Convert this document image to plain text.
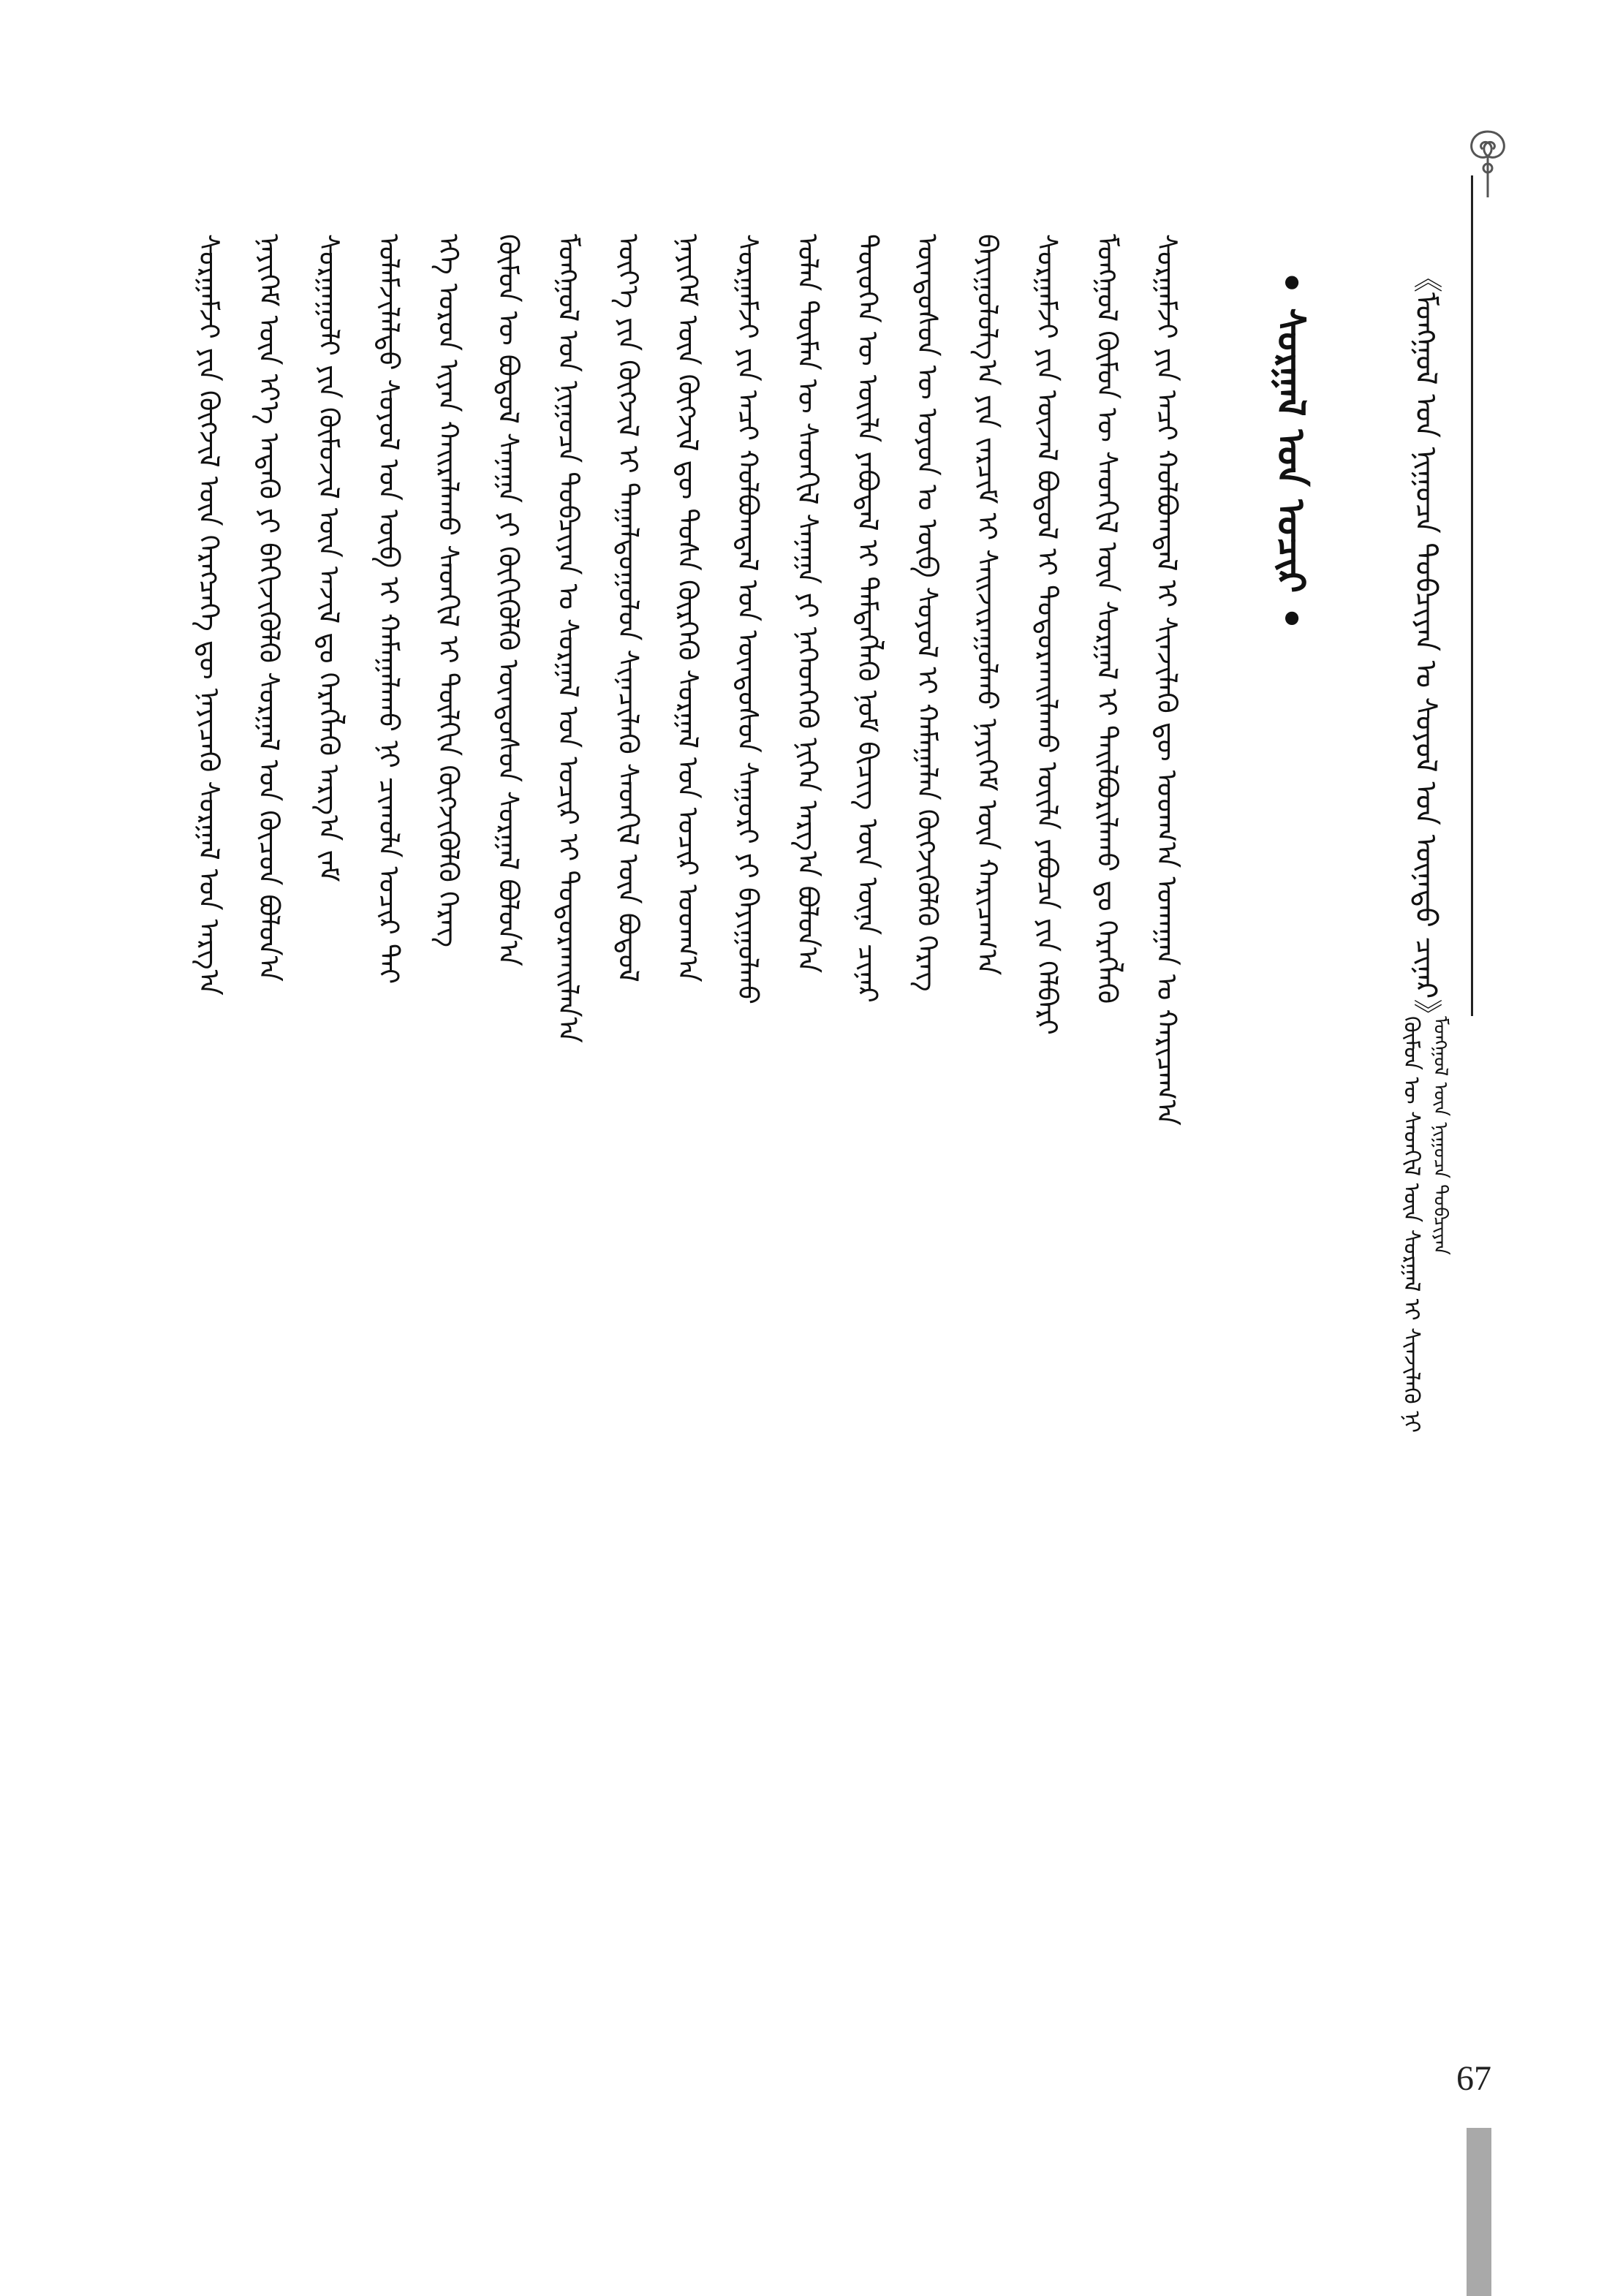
ᠬᠦᠮᠦᠨ ᠦ ᠰᠡᠳᠬᠢᠯ ᠦᠨ ᠰᠤᠷᠭᠠᠯ ᠢ ᠰᠢᠨᠵᠢᠯᠡᠬᠦ ᠨᠢ ᠮᠣᠩᠭᠣᠯ ᠦᠨ ᠨᠢᠭᠤᠴᠠ ᠲᠣᠪᠴᠢᠶᠠᠨ
《ᠮᠣᠩᠭᠣᠯ ᠤᠨ ᠨᠢᠭᠤᠴᠠ ᠲᠣᠪᠴᠢᠶᠠᠨ ᠤ ᠰᠣᠶᠣᠯ ᠤᠨ ᠦᠨᠡᠲᠦ ᠴᠢᠨᠠᠷ》
• ᠰᠤᠷᠭᠠᠯ ᠤᠨ ᠤᠴᠢᠷ •
ᠰᠤᠷᠭᠠᠮᠵᠢ ᠶᠢᠨ ᠠᠴᠢ ᠬᠣᠯᠪᠣᠭᠳᠠᠯ ᠢ ᠰᠢᠨᠵᠢᠯᠡᠬᠦ ᠳᠦ ᠤᠳᠬ᠎ᠠ ᠤᠬᠠᠭᠠᠨ ᠤ ᠬᠠᠷᠢᠴᠠᠭ᠎ᠠ
ᠮᠣᠩᠭᠣᠯ ᠬᠦᠮᠦᠨ ᠦ ᠰᠡᠳᠬᠢᠯ ᠦᠨ ᠰᠤᠷᠭᠠᠯ ᠢ ᠲᠠᠢᠯᠪᠤᠷᠢᠯᠠᠬᠤ ᠳᠤ ᠬᠡᠷᠡᠭᠯᠡᠬᠦ
ᠰᠤᠷᠭᠠᠮᠵᠢ ᠶᠢᠨ ᠦᠵᠡᠯ ᠪᠣᠳᠤᠯ ᠢ ᠲᠣᠳᠣᠷᠬᠠᠢᠯᠠᠬᠤ ᠦᠢᠯᠡ ᠶᠠᠪᠤᠴᠠ ᠶᠢᠨ ᠬᠡᠯᠪᠡᠷᠢ
ᠪᠠᠶᠢᠭᠤᠯᠤᠯᠭ᠎ᠠ ᠶᠢᠨ ᠵᠠᠷᠴᠢᠮ ᠢ ᠰᠠᠢᠵᠢᠷᠠᠭᠤᠯᠬᠤ ᠨᠡᠶᠢᠭᠡᠮ ᠦᠨ ᠬᠠᠷᠢᠴᠠᠭ᠎ᠠ
ᠦᠨᠳᠦᠰᠦᠨ ᠦ ᠣᠶᠤᠨ ᠤ ᠦᠪ ᠰᠣᠶᠣᠯ ᠢ ᠬᠠᠮᠠᠭᠠᠯᠠᠨ ᠬᠥᠭᠵᠢᠭᠦᠯᠬᠦ ᠬᠡᠷᠡᠭ
ᠲᠦᠦᠬᠡᠨ ᠦ ᠦᠢᠯᠡ ᠶᠠᠪᠤᠳᠠᠯ ᠢ ᠲᠡᠮᠳᠡᠭᠯᠡᠬᠦ ᠨᠣᠮ ᠪᠢᠴᠢᠭ ᠦᠨ ᠦᠨᠡ ᠴᠢᠨᠠᠷ
ᠣᠯᠠᠨ ᠲᠦᠮᠡᠨ ᠦ ᠰᠡᠳᠬᠢᠯ ᠰᠠᠨᠠᠭᠠ ᠶᠢ ᠨᠡᠭᠡᠳᠭᠡᠬᠦ ᠨᠢᠭᠡᠨ ᠠᠷᠭ᠎ᠠ ᠪᠣᠯᠤᠨ᠎ᠠ
ᠰᠤᠷᠭᠠᠮᠵᠢ ᠶᠢᠨ ᠠᠴᠢ ᠬᠣᠯᠪᠣᠭᠳᠠᠯ ᠤᠨ ᠦᠨᠳᠦᠰᠦᠨ ᠰᠠᠭᠤᠷᠢ ᠶᠢ ᠪᠠᠶᠢᠭᠤᠯᠬᠤ
ᠨᠡᠶᠢᠭᠡᠮ ᠦᠨ ᠬᠥᠭᠵᠢᠯ ᠳᠦ ᠲᠤᠰᠠ ᠬᠦᠷᠭᠡᠬᠦ ᠰᠤᠷᠭᠠᠯ ᠤᠨ ᠤᠴᠢᠷ ᠤᠳᠬ᠎ᠠ
ᠦᠶ᠎ᠡ ᠶᠢᠨ ᠬᠥᠭᠵᠢᠯ ᠢ ᠳᠠᠭᠠᠯᠳᠤᠭᠤᠯᠤᠨ ᠰᠢᠨᠡᠴᠢᠯᠡᠬᠦ ᠰᠡᠳᠬᠢᠯ ᠦᠨ ᠪᠣᠳᠤᠯ
ᠮᠣᠩᠭᠣᠯ ᠤᠨ ᠨᠢᠭᠤᠴᠠ ᠲᠣᠪᠴᠢᠶᠠᠨ ᠤ ᠰᠤᠷᠭᠠᠯ ᠤᠨ ᠤᠴᠢᠷ ᠢ ᠲᠣᠳᠣᠷᠬᠠᠢᠯᠠᠨ᠎ᠠ
ᠬᠦᠮᠦᠨ ᠦ ᠪᠣᠳᠣᠯ ᠰᠠᠨᠠᠭᠠ ᠶᠢ ᠬᠥᠬᠢᠭᠦᠯᠬᠦ ᠦᠨᠳᠦᠰᠦᠨ ᠰᠤᠷᠭᠠᠯ ᠪᠣᠯᠤᠨ᠎ᠠ
ᠡᠬᠡ ᠣᠷᠣᠨ ᠢᠶᠠᠨ ᠬᠠᠢᠷᠠᠯᠠᠬᠤ ᠰᠡᠳᠬᠢᠯ ᠢ ᠲᠦᠯᠬᠢᠨ ᠬᠥᠭᠵᠢᠭᠦᠯᠬᠦ ᠬᠡᠷᠡᠭ
ᠤᠯᠠᠮᠵᠢᠯᠠᠯᠲᠤ ᠰᠣᠶᠣᠯ ᠤᠨ ᠥᠪ ᠢ ᠬᠠᠮᠠᠭᠠᠯᠠᠬᠤ ᠨᠢ ᠴᠢᠬᠤᠯᠠ ᠤᠴᠢᠷ ᠲᠠᠢ
ᠰᠤᠷᠭᠠᠭᠤᠯᠢ ᠶᠢᠨ ᠬᠦᠮᠦᠵᠢᠯ ᠦᠨ ᠠᠵᠢᠯ ᠳᠤ ᠬᠡᠷᠡᠭᠯᠡᠬᠦ ᠠᠷᠭ᠎ᠠ ᠵᠠᠮ
ᠨᠡᠶᠢᠭᠡᠮ ᠦᠨ ᠡᠶ᠎ᠡ ᠡᠨᠳᠡᠬᠦ ᠶᠢ ᠪᠡᠬᠢᠵᠢᠭᠦᠯᠬᠦ ᠰᠤᠷᠭᠠᠯ ᠤᠨ ᠬᠦᠴᠦᠨ ᠪᠣᠯᠤᠨ᠎ᠠ
ᠰᠤᠷᠭᠠᠮᠵᠢ ᠶᠢᠨ ᠬᠥᠭᠵᠢᠯ ᠦᠨ ᠬᠡᠷᠡᠭᠴᠡᠭᠡ ᠳᠦ ᠨᠡᠶᠢᠴᠡᠬᠦ ᠰᠤᠷᠭᠠᠯ ᠤᠨ ᠠᠷᠭ᠎ᠠ
67
